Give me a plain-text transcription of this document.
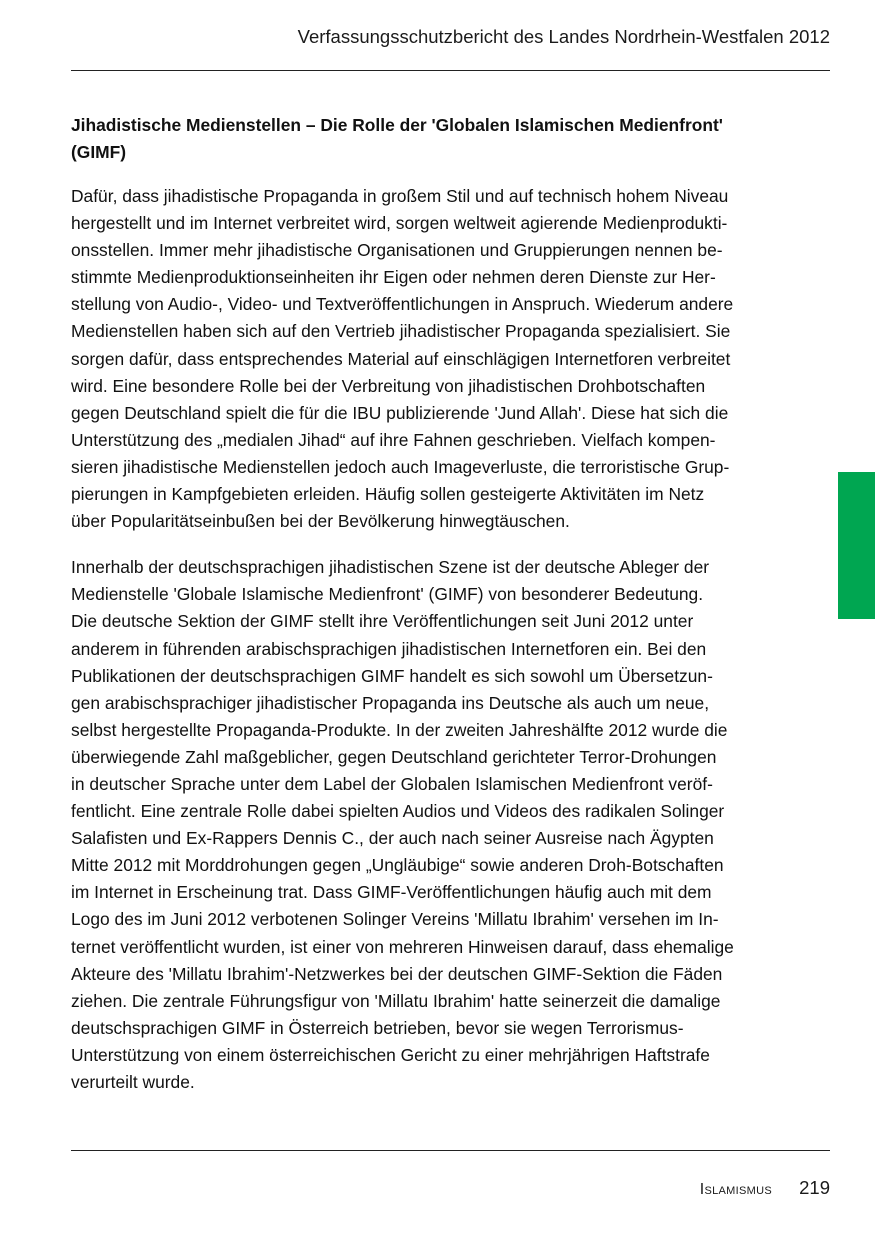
Verfassungsschutzbericht des Landes Nordrhein-Westfalen 2012
Jihadistische Medienstellen – Die Rolle der 'Globalen Islamischen Medienfront'
(GIMF)

Dafür, dass jihadistische Propaganda in großem Stil und auf technisch hohem Niveau
hergestellt und im Internet verbreitet wird, sorgen weltweit agierende Medienprodukti-
onsstellen. Immer mehr jihadistische Organisationen und Gruppierungen nennen be-
stimmte Medienproduktionseinheiten ihr Eigen oder nehmen deren Dienste zur Her-
stellung von Audio-, Video- und Textveröffentlichungen in Anspruch. Wiederum andere
Medienstellen haben sich auf den Vertrieb jihadistischer Propaganda spezialisiert. Sie
sorgen dafür, dass entsprechendes Material auf einschlägigen Internetforen verbreitet
wird. Eine besondere Rolle bei der Verbreitung von jihadistischen Drohbotschaften
gegen Deutschland spielt die für die IBU publizierende 'Jund Allah'. Diese hat sich die
Unterstützung des „medialen Jihad“ auf ihre Fahnen geschrieben. Vielfach kompen-
sieren jihadistische Medienstellen jedoch auch Imageverluste, die terroristische Grup-
pierungen in Kampfgebieten erleiden. Häufig sollen gesteigerte Aktivitäten im Netz
über Popularitätseinbußen bei der Bevölkerung hinwegtäuschen.

Innerhalb der deutschsprachigen jihadistischen Szene ist der deutsche Ableger der
Medienstelle 'Globale Islamische Medienfront' (GIMF) von besonderer Bedeutung.
Die deutsche Sektion der GIMF stellt ihre Veröffentlichungen seit Juni 2012 unter
anderem in führenden arabischsprachigen jihadistischen Internetforen ein. Bei den
Publikationen der deutschsprachigen GIMF handelt es sich sowohl um Übersetzun-
gen arabischsprachiger jihadistischer Propaganda ins Deutsche als auch um neue,
selbst hergestellte Propaganda-Produkte. In der zweiten Jahreshälfte 2012 wurde die
überwiegende Zahl maßgeblicher, gegen Deutschland gerichteter Terror-Drohungen
in deutscher Sprache unter dem Label der Globalen Islamischen Medienfront veröf-
fentlicht. Eine zentrale Rolle dabei spielten Audios und Videos des radikalen Solinger
Salafisten und Ex-Rappers Dennis C., der auch nach seiner Ausreise nach Ägypten
Mitte 2012 mit Morddrohungen gegen „Ungläubige“ sowie anderen Droh-Botschaften
im Internet in Erscheinung trat. Dass GIMF-Veröffentlichungen häufig auch mit dem
Logo des im Juni 2012 verbotenen Solinger Vereins 'Millatu Ibrahim' versehen im In-
ternet veröffentlicht wurden, ist einer von mehreren Hinweisen darauf, dass ehemalige
Akteure des 'Millatu Ibrahim'-Netzwerkes bei der deutschen GIMF-Sektion die Fäden
ziehen. Die zentrale Führungsfigur von 'Millatu Ibrahim' hatte seinerzeit die damalige
deutschsprachigen GIMF in Österreich betrieben, bevor sie wegen Terrorismus-
Unterstützung von einem österreichischen Gericht zu einer mehrjährigen Haftstrafe
verurteilt wurde.

Islamismus 219
